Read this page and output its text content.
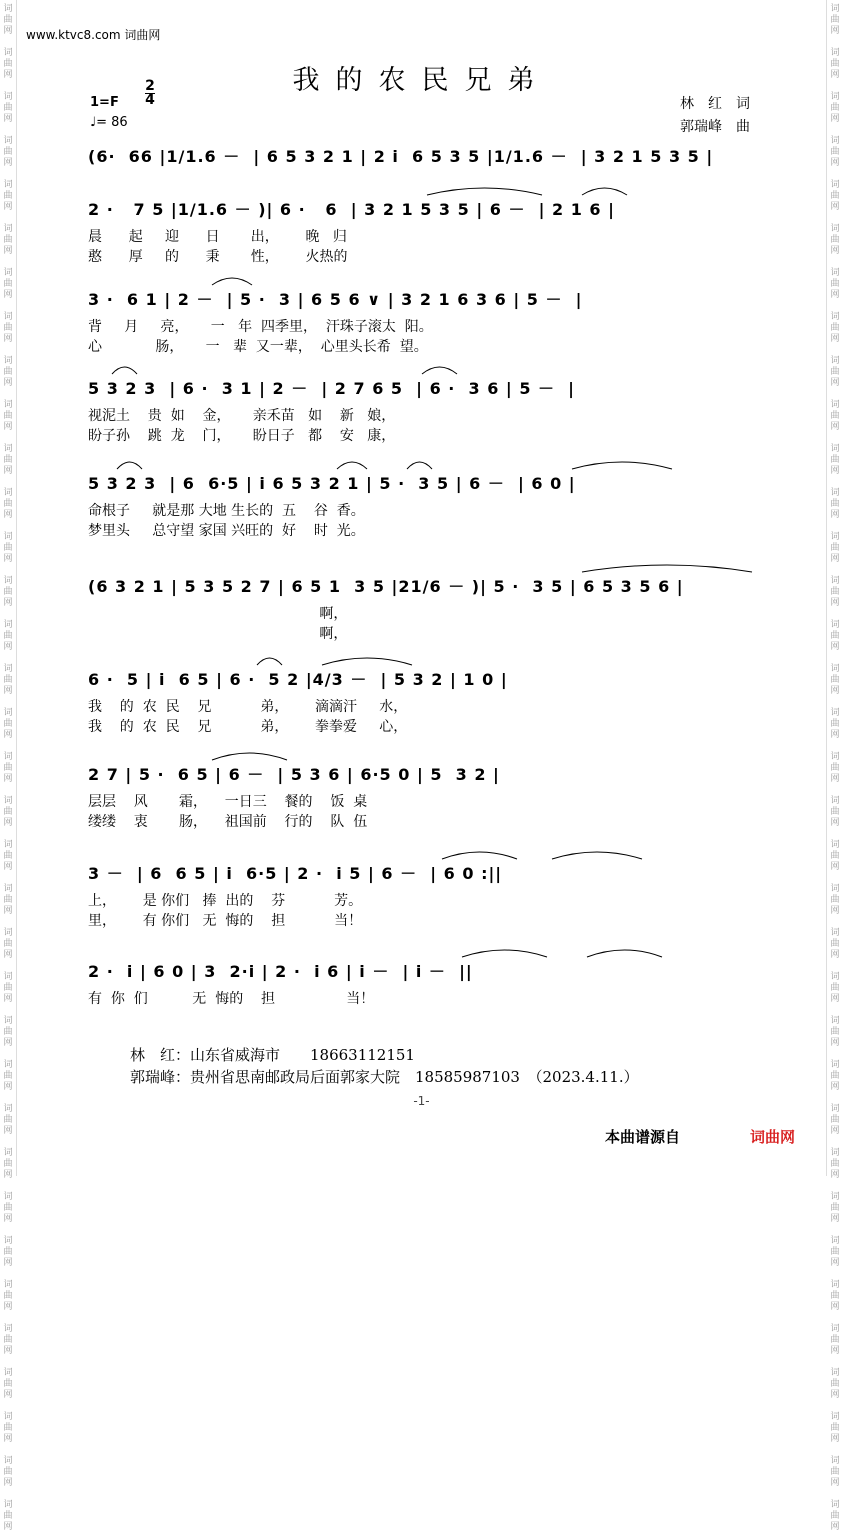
词
曲
网

词
曲
网

词
曲
网

词
曲
网

词
曲
网

词
曲
网

词
曲
网

词
曲
网

词
曲
网

词
曲
网

词
曲
网

词
曲
网

词
曲
网

词
曲
网

词
曲
网

词
曲
网

词
曲
网

词
曲
网

词
曲
网

词
曲
网

词
曲
网

词
曲
网

词
曲
网

词
曲
网

词
曲
网

词
曲
网

词
曲
网

词
曲
网

词
曲
网

词
曲
网

词
曲
网

词
曲
网

词
曲
网

词
曲
网

词
曲
网

词
曲
网

词
曲
网

词
曲
网

词
曲
网

词
曲
网

词
曲
网

词
曲
网

词
曲
网

词
曲
网

词
曲
网

词
曲
网

词
曲
网

词
曲
网

词
曲
网

词
曲
网

词
曲
网

词
曲
网

词
曲
网

词
曲
网

词
曲
网

词
曲
网

词
曲
网

词
曲
网

词
曲
网

词
曲
网

词
曲
网

词
曲
网

词
曲
网

词
曲
网

词
曲
网

词
曲
网

词
曲
网

词
曲
网

词
曲
网

词
曲
网

www.ktvc8.com 词曲网
我的农民兄弟
1=F
2
4
♩= 86
林　红　词
郭瑞峰　曲
(6·  66 |1/1.6 －  | 6 5 3 2 1 | 2 i  6 5 3 5 |1/1.6 －  | 3 2 1 5 3 5 |
2 ·   7 5 |1/1.6 － )| 6 ·   6  | 3 2 1 5 3 5 | 6 －  | 2 1 6 |
晨      起     迎      日       出，      晚   归
憨      厚     的      秉       性，      火热的
3 ·  6 1 | 2 －  | 5 ·  3 | 6 5 6 ∨ | 3 2 1 6 3 6 | 5 －  |
背     月     亮，     一   年  四季里，  汗珠子滚太  阳。
心            肠，     一   辈  又一辈，  心里头长希  望。
5 3 2 3  | 6 ·  3 1 | 2 －  | 2 7 6 5  | 6 ·  3 6 | 5 －  |
视泥土    贵  如    金，     亲禾苗   如    新   娘，
盼子孙    跳  龙    门，     盼日子   都    安   康，
5 3 2 3  | 6  6·5 | i 6 5 3 2 1 | 5 ·  3 5 | 6 －  | 6 0 |
命根子     就是那 大地 生长的  五    谷  香。
梦里头     总守望 家国 兴旺的  好    时  光。
(6 3 2 1 | 5 3 5 2 7 | 6 5 1  3 5 |21/6 － )| 5 ·  3 5 | 6 5 3 5 6 |
啊，
啊，
6 ·  5 | i  6 5 | 6 ·  5 2 |4/3 －  | 5 3 2 | 1 0 |
我    的  农  民    兄           弟，      滴滴汗     水，
我    的  农  民    兄           弟，      拳拳爱     心，
2 7 | 5 ·  6 5 | 6 －  | 5 3 6 | 6·5 0 | 5  3 2 |
层层    风       霜，    一日三    餐的    饭  桌
缕缕    衷       肠，    祖国前    行的    队  伍
3 －  | 6  6 5 | i  6·5 | 2 ·  i 5 | 6 －  | 6 0 :||
上，      是 你们   捧  出的    芬           芳。
里，      有 你们   无  悔的    担           当！
2 ·  i | 6 0 | 3  2·i | 2 ·  i 6 | i －  | i －  ||
有  你  们          无  悔的    担                当！
林　红：山东省威海市　　18663112151
郭瑞峰：贵州省思南邮政局后面郭家大院　18585987103　（2023.4.11.）
-1-
本曲谱源自	词曲网
